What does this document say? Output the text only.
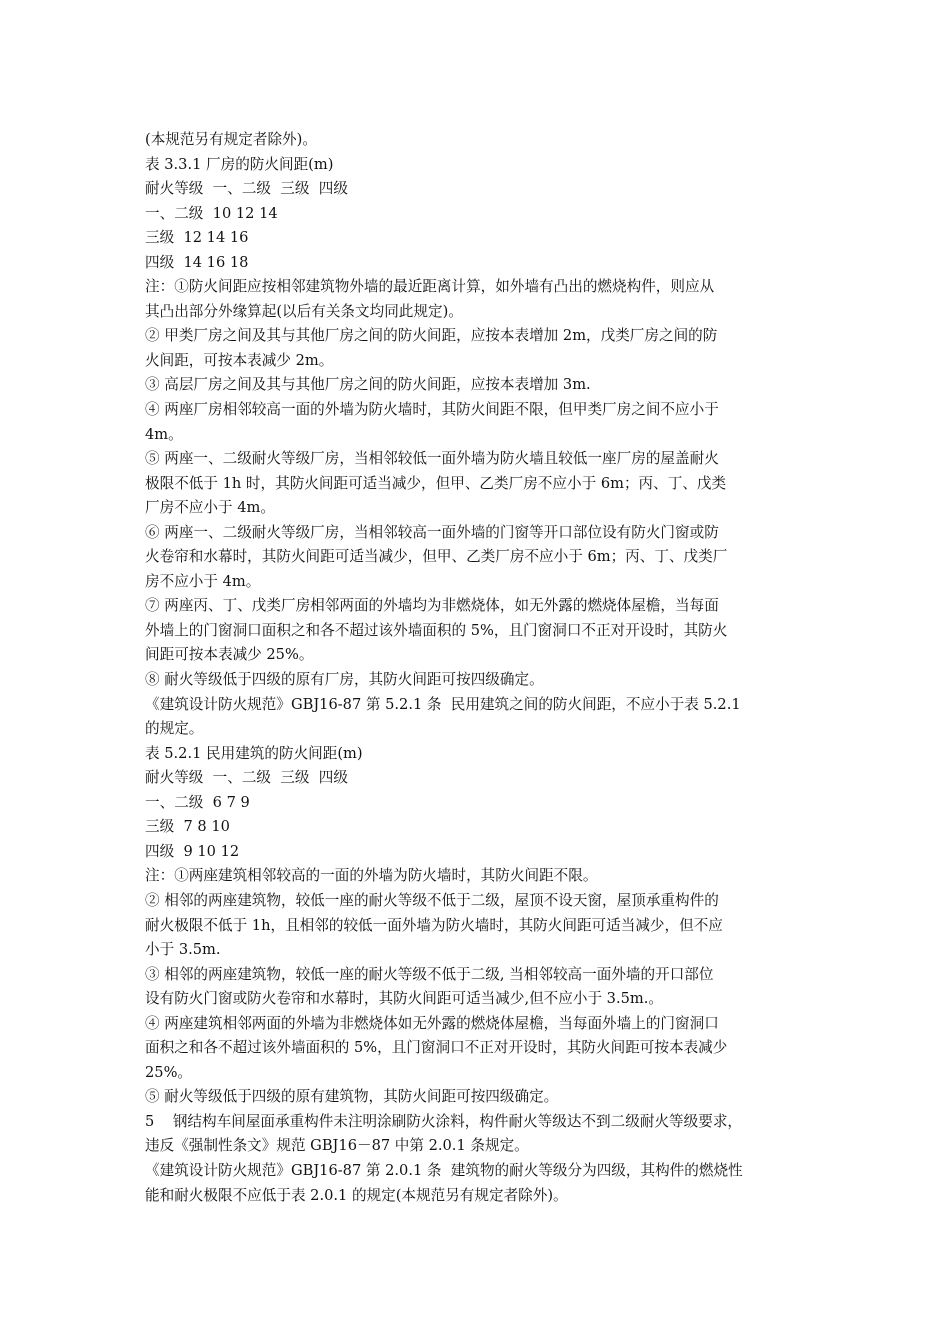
(本规范另有规定者除外)。
表 3.3.1 厂房的防火间距(m)
耐火等级  一、二级  三级  四级
一、二级  10 12 14
三级  12 14 16
四级  14 16 18
注：①防火间距应按相邻建筑物外墙的最近距离计算，如外墙有凸出的燃烧构件，则应从
其凸出部分外缘算起(以后有关条文均同此规定)。
② 甲类厂房之间及其与其他厂房之间的防火间距，应按本表增加 2m，戊类厂房之间的防
火间距，可按本表减少 2m。
③ 高层厂房之间及其与其他厂房之间的防火间距，应按本表增加 3m.
④ 两座厂房相邻较高一面的外墙为防火墙时，其防火间距不限，但甲类厂房之间不应小于
4m。
⑤ 两座一、二级耐火等级厂房，当相邻较低一面外墙为防火墙且较低一座厂房的屋盖耐火
极限不低于 1h 时，其防火间距可适当减少，但甲、乙类厂房不应小于 6m；丙、丁、戊类
厂房不应小于 4m。
⑥ 两座一、二级耐火等级厂房，当相邻较高一面外墙的门窗等开口部位设有防火门窗或防
火卷帘和水幕时，其防火间距可适当减少，但甲、乙类厂房不应小于 6m；丙、丁、戊类厂
房不应小于 4m。
⑦ 两座丙、丁、戊类厂房相邻两面的外墙均为非燃烧体，如无外露的燃烧体屋檐，当每面
外墙上的门窗洞口面积之和各不超过该外墙面积的 5%，且门窗洞口不正对开设时，其防火
间距可按本表减少 25%。
⑧ 耐火等级低于四级的原有厂房，其防火间距可按四级确定。
《建筑设计防火规范》GBJ16-87 第 5.2.1 条  民用建筑之间的防火间距，不应小于表 5.2.1
的规定。
表 5.2.1 民用建筑的防火间距(m)
耐火等级  一、二级  三级  四级
一、二级  6 7 9
三级  7 8 10
四级  9 10 12
注：①两座建筑相邻较高的一面的外墙为防火墙时，其防火间距不限。
② 相邻的两座建筑物，较低一座的耐火等级不低于二级，屋顶不设天窗，屋顶承重构件的
耐火极限不低于 1h，且相邻的较低一面外墙为防火墙时，其防火间距可适当减少，但不应
小于 3.5m.
③ 相邻的两座建筑物，较低一座的耐火等级不低于二级, 当相邻较高一面外墙的开口部位
设有防火门窗或防火卷帘和水幕时，其防火间距可适当减少,但不应小于 3.5m.。
④ 两座建筑相邻两面的外墙为非燃烧体如无外露的燃烧体屋檐，当每面外墙上的门窗洞口
面积之和各不超过该外墙面积的 5%，且门窗洞口不正对开设时，其防火间距可按本表减少
25%。
⑤ 耐火等级低于四级的原有建筑物，其防火间距可按四级确定。
5    钢结构车间屋面承重构件未注明涂刷防火涂料，构件耐火等级达不到二级耐火等级要求，
违反《强制性条文》规范 GBJ16－87 中第 2.0.1 条规定。
《建筑设计防火规范》GBJ16-87 第 2.0.1 条  建筑物的耐火等级分为四级，其构件的燃烧性
能和耐火极限不应低于表 2.0.1 的规定(本规范另有规定者除外)。
